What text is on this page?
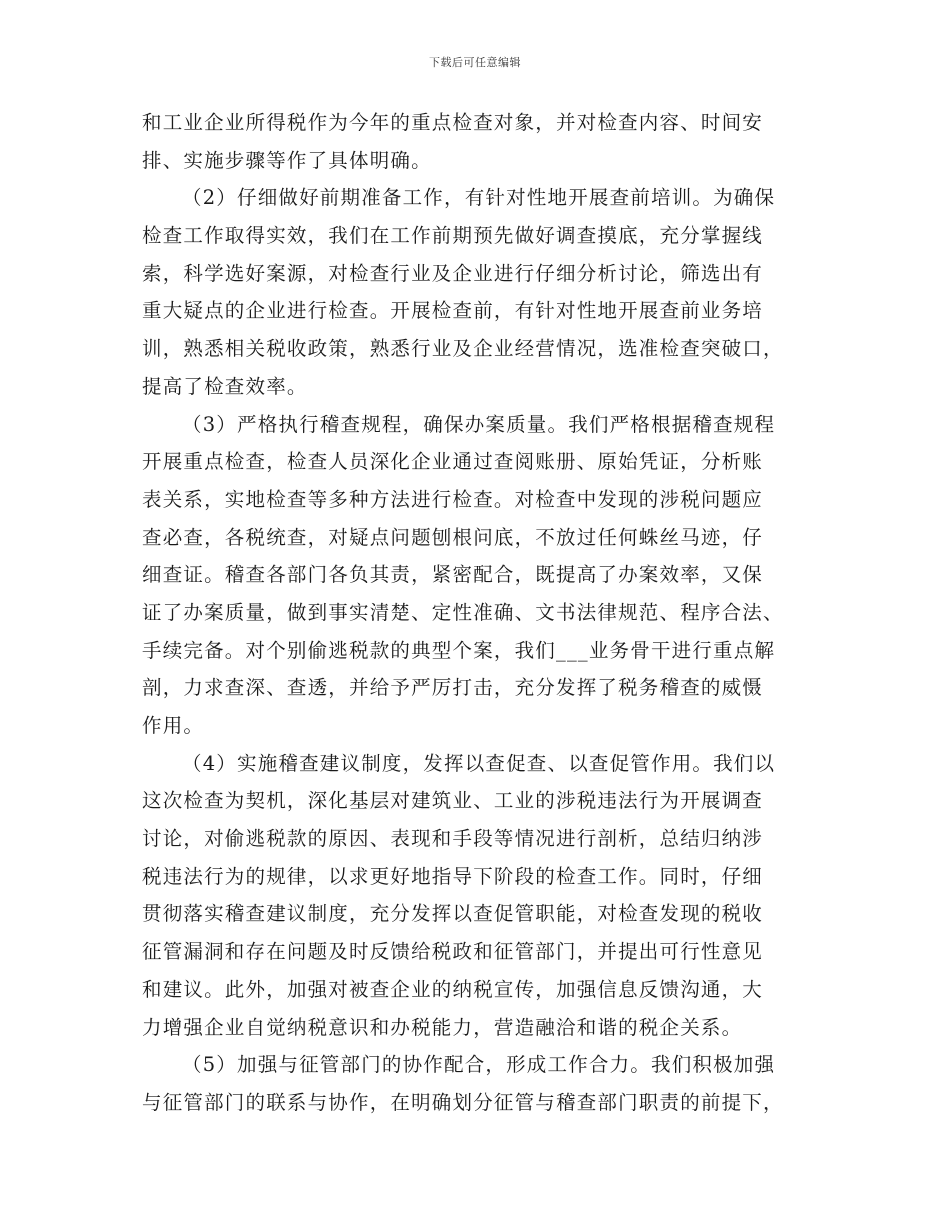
下载后可任意编辑
和工业企业所得税作为今年的重点检查对象，并对检查内容、时间安
排、实施步骤等作了具体明确。
（2）仔细做好前期准备工作，有针对性地开展查前培训。为确保
检查工作取得实效，我们在工作前期预先做好调查摸底，充分掌握线
索，科学选好案源，对检查行业及企业进行仔细分析讨论，筛选出有
重大疑点的企业进行检查。开展检查前，有针对性地开展查前业务培
训，熟悉相关税收政策，熟悉行业及企业经营情况，选准检查突破口，
提高了检查效率。
（3）严格执行稽查规程，确保办案质量。我们严格根据稽查规程
开展重点检查，检查人员深化企业通过查阅账册、原始凭证，分析账
表关系，实地检查等多种方法进行检查。对检查中发现的涉税问题应
查必查，各税统查，对疑点问题刨根问底，不放过任何蛛丝马迹，仔
细查证。稽查各部门各负其责，紧密配合，既提高了办案效率，又保
证了办案质量，做到事实清楚、定性准确、文书法律规范、程序合法、
手续完备。对个别偷逃税款的典型个案，我们___业务骨干进行重点解
剖，力求查深、查透，并给予严厉打击，充分发挥了税务稽查的威慑
作用。
（4）实施稽查建议制度，发挥以查促查、以查促管作用。我们以
这次检查为契机，深化基层对建筑业、工业的涉税违法行为开展调查
讨论，对偷逃税款的原因、表现和手段等情况进行剖析，总结归纳涉
税违法行为的规律，以求更好地指导下阶段的检查工作。同时，仔细
贯彻落实稽查建议制度，充分发挥以查促管职能，对检查发现的税收
征管漏洞和存在问题及时反馈给税政和征管部门，并提出可行性意见
和建议。此外，加强对被查企业的纳税宣传，加强信息反馈沟通，大
力增强企业自觉纳税意识和办税能力，营造融洽和谐的税企关系。
（5）加强与征管部门的协作配合，形成工作合力。我们积极加强
与征管部门的联系与协作，在明确划分征管与稽查部门职责的前提下，
